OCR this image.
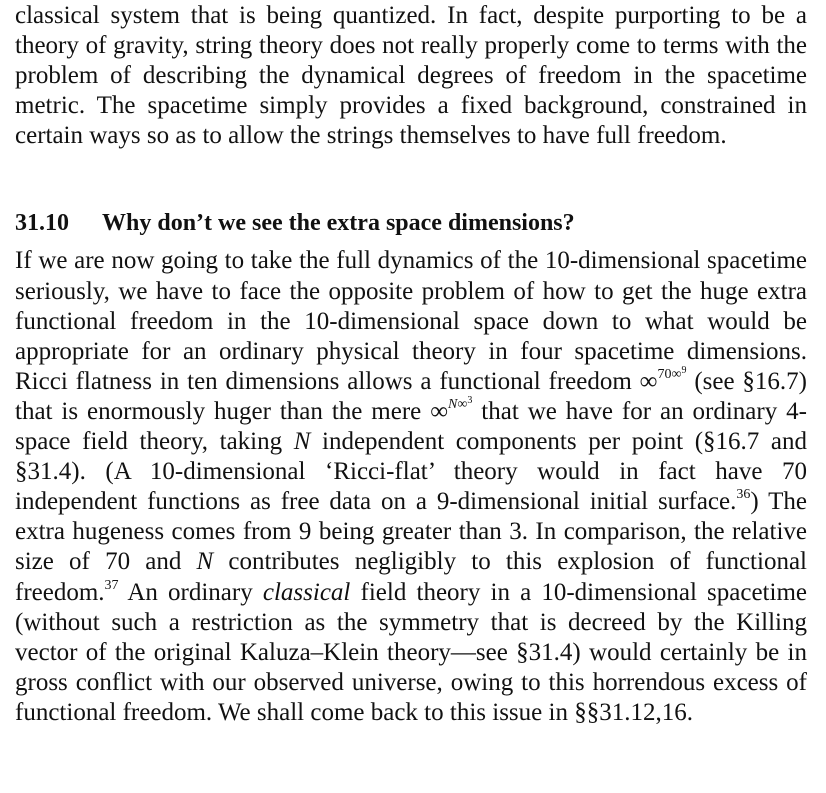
classical system that is being quantized. In fact, despite purporting to be a theory of gravity, string theory does not really properly come to terms with the problem of describing the dynamical degrees of freedom in the spacetime metric. The spacetime simply provides a fixed background, constrained in certain ways so as to allow the strings themselves to have full freedom.

31.10 Why don’t we see the extra space dimensions?

If we are now going to take the full dynamics of the 10-dimensional spacetime seriously, we have to face the opposite problem of how to get the huge extra functional freedom in the 10-dimensional space down to what would be appropriate for an ordinary physical theory in four spacetime dimensions. Ricci flatness in ten dimensions allows a functional freedom ∞$^{70\infty^9}$ (see §16.7) that is enormously huger than the mere ∞$^{N\infty^3}$ that we have for an ordinary 4-space field theory, taking N independent components per point (§16.7 and §31.4). (A 10-dimensional ‘Ricci-flat’ theory would in fact have 70 independent functions as free data on a 9-dimensional initial surface.$^{36}$) The extra hugeness comes from 9 being greater than 3. In comparison, the relative size of 70 and N contributes negligibly to this explosion of functional freedom.$^{37}$ An ordinary classical field theory in a 10-dimensional spacetime (without such a restriction as the symmetry that is decreed by the Killing vector of the original Kaluza–Klein theory—see §31.4) would certainly be in gross conflict with our observed universe, owing to this horrendous excess of functional freedom. We shall come back to this issue in §§31.12,16.
